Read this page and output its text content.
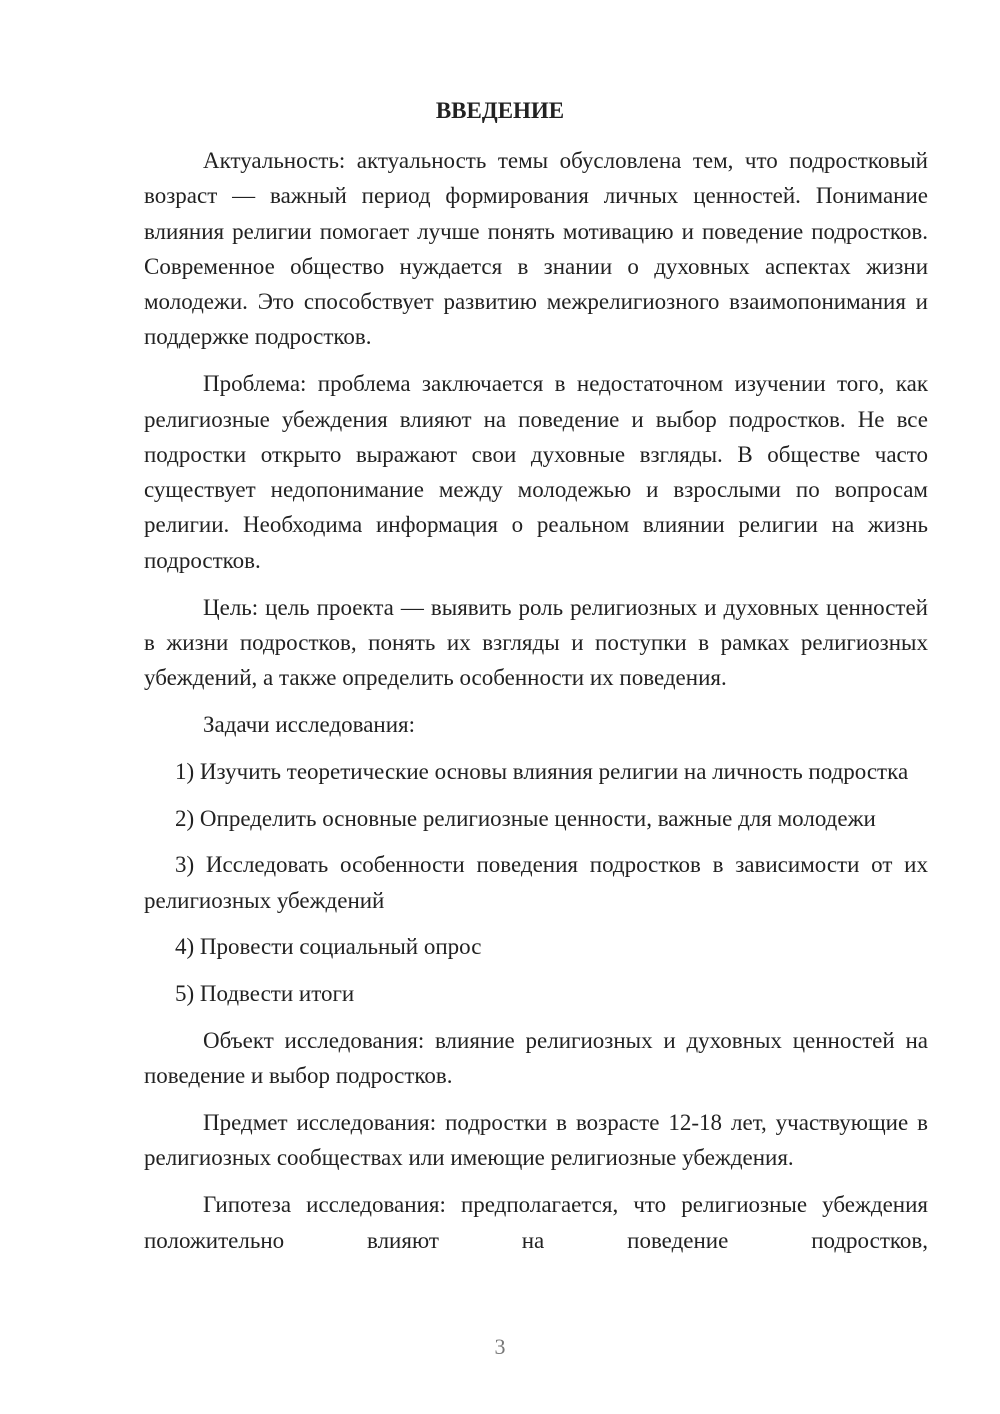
ВВЕДЕНИЕ

Актуальность: актуальность темы обусловлена тем, что подростковый возраст — важный период формирования личных ценностей. Понимание влияния религии помогает лучше понять мотивацию и поведение подростков. Современное общество нуждается в знании о духовных аспектах жизни молодежи. Это способствует развитию межрелигиозного взаимопонимания и поддержке подростков.

Проблема: проблема заключается в недостаточном изучении того, как религиозные убеждения влияют на поведение и выбор подростков. Не все подростки открыто выражают свои духовные взгляды. В обществе часто существует недопонимание между молодежью и взрослыми по вопросам религии. Необходима информация о реальном влиянии религии на жизнь подростков.

Цель: цель проекта — выявить роль религиозных и духовных ценностей в жизни подростков, понять их взгляды и поступки в рамках религиозных убеждений, а также определить особенности их поведения.

Задачи исследования:

1) Изучить теоретические основы влияния религии на личность подростка

2) Определить основные религиозные ценности, важные для молодежи

3) Исследовать особенности поведения подростков в зависимости от их религиозных убеждений

4) Провести социальный опрос

5) Подвести итоги

Объект исследования: влияние религиозных и духовных ценностей на поведение и выбор подростков.

Предмет исследования: подростки в возрасте 12-18 лет, участвующие в религиозных сообществах или имеющие религиозные убеждения.

Гипотеза исследования: предполагается, что религиозные убеждения положительно влияют на поведение подростков,

3
